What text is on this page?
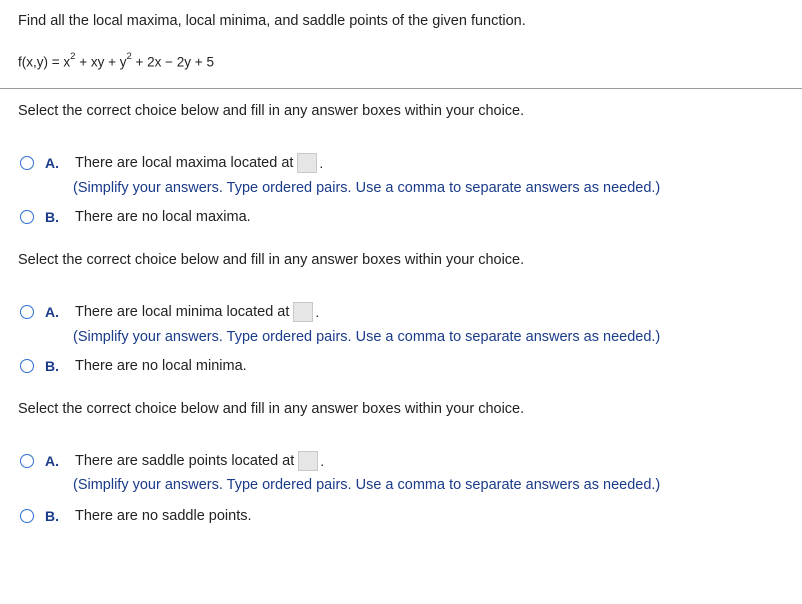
Find all the local maxima, local minima, and saddle points of the given function.
$f(x,y) = x^2$ + xy + $y^2 + 2x - 2y + 5$
Select the correct choice below and fill in any answer boxes within your choice.
A.	There are local maxima located at .
(Simplify your answers. Type ordered pairs. Use a comma to separate answers as needed.)
B.	There are no local maxima.
Select the correct choice below and fill in any answer boxes within your choice.
A.	There are local minima located at .
(Simplify your answers. Type ordered pairs. Use a comma to separate answers as needed.)
B.	There are no local minima.
Select the correct choice below and fill in any answer boxes within your choice.
A.	There are saddle points located at .
(Simplify your answers. Type ordered pairs. Use a comma to separate answers as needed.)
B.	There are no saddle points.
